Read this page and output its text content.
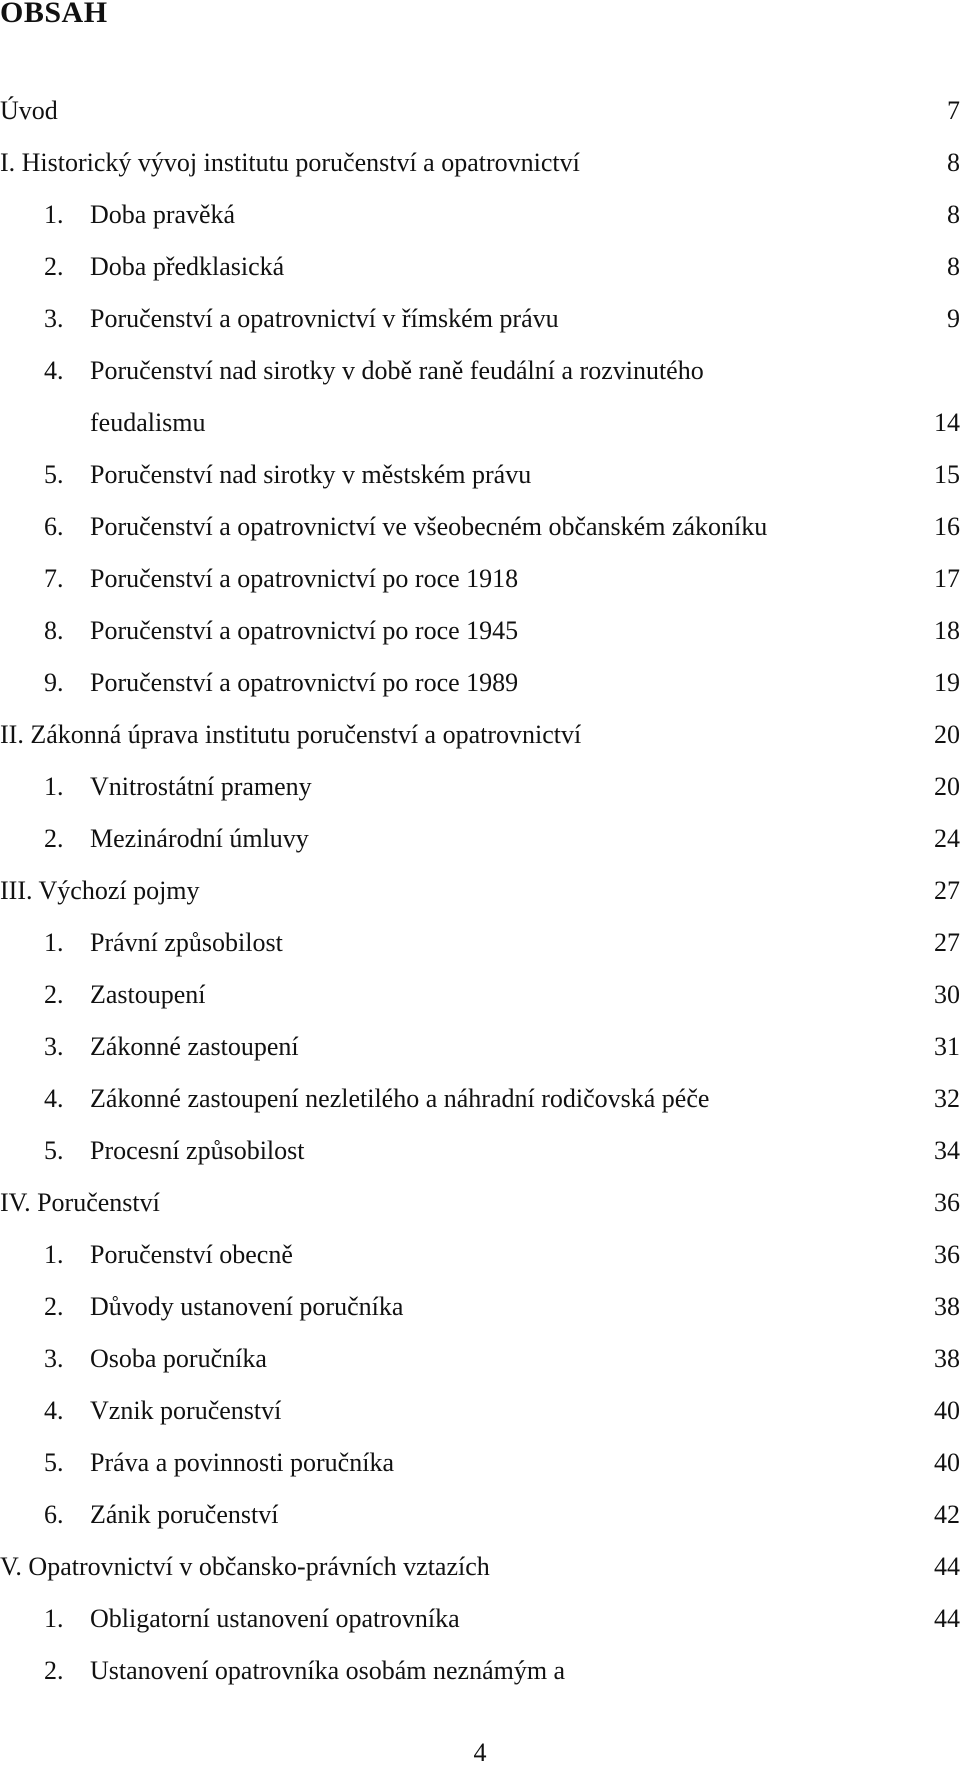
OBSAH
Úvod	7
I. Historický vývoj institutu poručenství a opatrovnictví	8
1. Doba pravěká	8
2. Doba předklasická	8
3. Poručenství a opatrovnictví v římském právu	9
4. Poručenství nad sirotky v době raně feudální a rozvinutého
feudalismu	14
5. Poručenství nad sirotky v městském právu	15
6. Poručenství a opatrovnictví ve všeobecném občanském zákoníku	16
7. Poručenství a opatrovnictví po roce 1918	17
8. Poručenství a opatrovnictví po roce 1945	18
9. Poručenství a opatrovnictví po roce 1989	19
II. Zákonná úprava institutu poručenství a opatrovnictví	20
1. Vnitrostátní prameny	20
2. Mezinárodní úmluvy	24
III. Výchozí pojmy	27
1. Právní způsobilost	27
2. Zastoupení	30
3. Zákonné zastoupení	31
4. Zákonné zastoupení nezletilého a náhradní rodičovská péče	32
5. Procesní způsobilost	34
IV. Poručenství	36
1. Poručenství obecně	36
2. Důvody ustanovení poručníka	38
3. Osoba poručníka	38
4. Vznik poručenství	40
5. Práva a povinnosti poručníka	40
6. Zánik poručenství	42
V. Opatrovnictví v občansko-právních vztazích	44
1. Obligatorní ustanovení opatrovníka	44
2. Ustanovení opatrovníka osobám neznámým a
4
